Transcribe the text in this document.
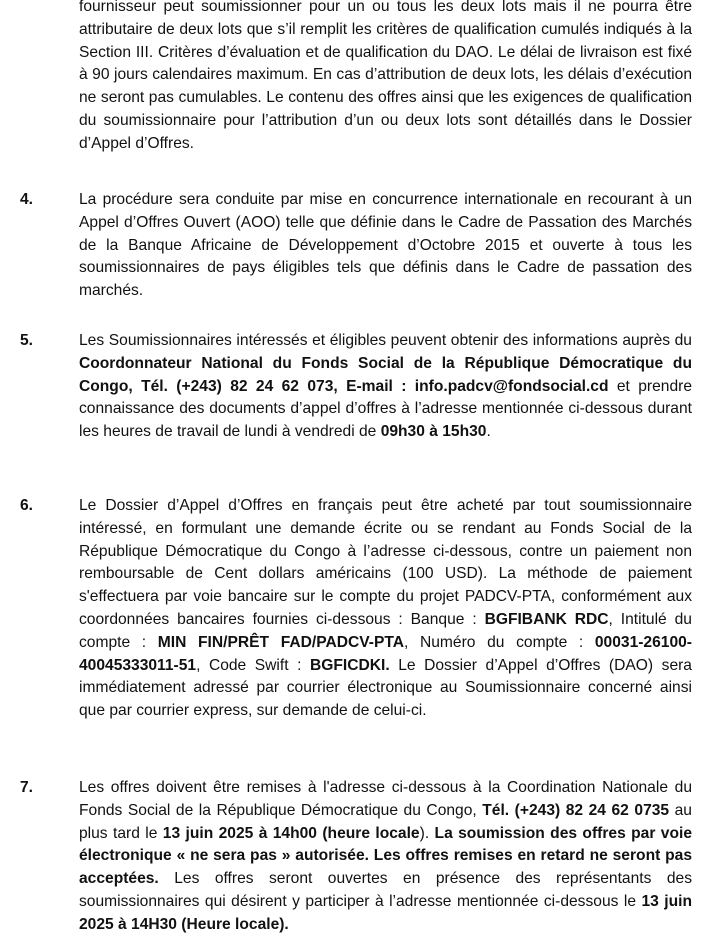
fournisseur peut soumissionner pour un ou tous les deux lots mais il ne pourra être attributaire de deux lots que s’il remplit les critères de qualification cumulés indiqués à la Section III. Critères d’évaluation et de qualification du DAO. Le délai de livraison est fixé à 90 jours calendaires maximum. En cas d’attribution de deux lots, les délais d’exécution ne seront pas cumulables. Le contenu des offres ainsi que les exigences de qualification du soumissionnaire pour l’attribution d’un ou deux lots sont détaillés dans le Dossier d’Appel d’Offres.
4.	La procédure sera conduite par mise en concurrence internationale en recourant à un Appel d’Offres Ouvert (AOO) telle que définie dans le Cadre de Passation des Marchés de la Banque Africaine de Développement d’Octobre 2015 et ouverte à tous les soumissionnaires de pays éligibles tels que définis dans le Cadre de passation des marchés.
5.	Les Soumissionnaires intéressés et éligibles peuvent obtenir des informations auprès du Coordonnateur National du Fonds Social de la République Démocratique du Congo, Tél. (+243) 82 24 62 073, E-mail : info.padcv@fondsocial.cd et prendre connaissance des documents d’appel d’offres à l’adresse mentionnée ci-dessous durant les heures de travail de lundi à vendredi de 09h30 à 15h30.
6.	Le Dossier d’Appel d’Offres en français peut être acheté par tout soumissionnaire intéressé, en formulant une demande écrite ou se rendant au Fonds Social de la République Démocratique du Congo à l’adresse ci-dessous, contre un paiement non remboursable de Cent dollars américains (100 USD). La méthode de paiement s'effectuera par voie bancaire sur le compte du projet PADCV-PTA, conformément aux coordonnées bancaires fournies ci-dessous : Banque : BGFIBANK RDC, Intitulé du compte : MIN FIN/PRÊT FAD/PADCV-PTA, Numéro du compte : 00031-26100-40045333011-51, Code Swift : BGFICDKI. Le Dossier d’Appel d’Offres (DAO) sera immédiatement adressé par courrier électronique au Soumissionnaire concerné ainsi que par courrier express, sur demande de celui-ci.
7.	Les offres doivent être remises à l'adresse ci-dessous à la Coordination Nationale du Fonds Social de la République Démocratique du Congo, Tél. (+243) 82 24 62 0735 au plus tard le 13 juin 2025 à 14h00 (heure locale). La soumission des offres par voie électronique « ne sera pas » autorisée. Les offres remises en retard ne seront pas acceptées. Les offres seront ouvertes en présence des représentants des soumissionnaires qui désirent y participer à l’adresse mentionnée ci-dessous le 13 juin 2025 à 14H30 (Heure locale).
